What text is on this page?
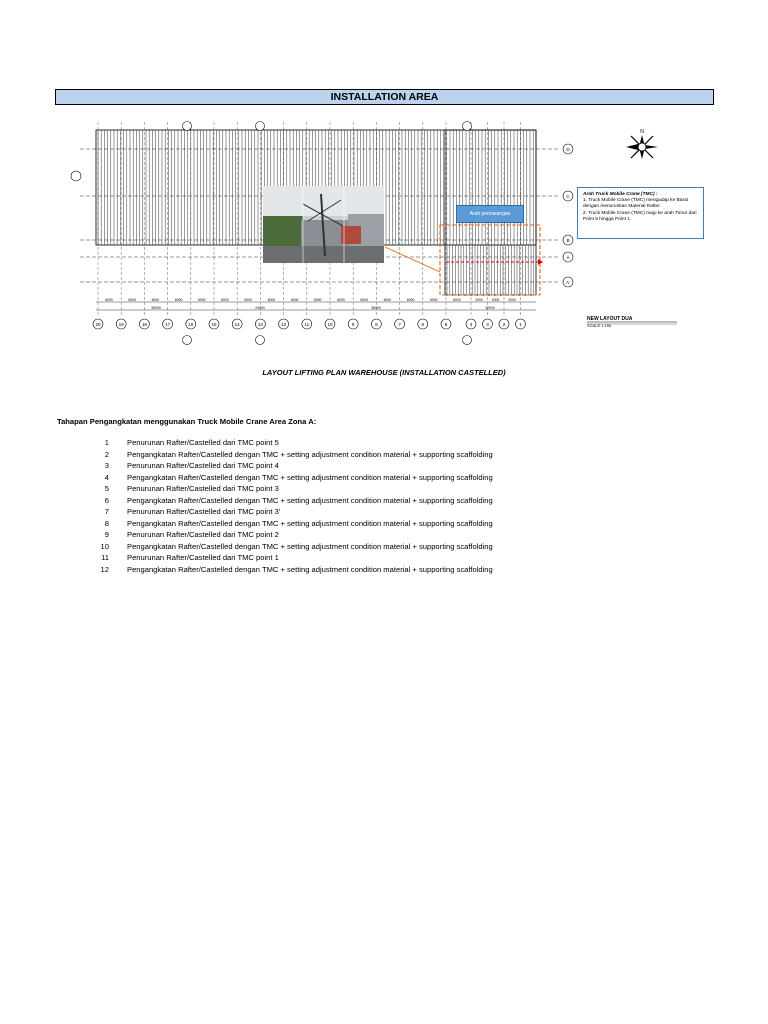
INSTALLATION AREA
20	19	18	17	16	15	14	13	12	11	10	9	8	7	6	5	4	3	2	1
D
C
B
A
A'
6000	6000	6000	6000	6000	6000	6000	6000	6000	6000	6000	6000	6000	6000	6000	6000	2000	2000	2000
30000	24000	36000	22000
Arah pemasangan
Arah Truck Mobile Crane (TMC) :
1. Truck Mobile Crane (TMC) mengadap ke Barat dengan menurunkan Material Rafter.
2. Truck Mobile Crane (TMC) maju ke arah Timur dari Point 5 hingga Point 1.
N
NEW LAYOUT DUA
SCALE 1:150
LAYOUT LIFTING PLAN WAREHOUSE (INSTALLATION CASTELLED)
Tahapan Pengangkatan menggunakan Truck Mobile Crane Area Zona A:
1 Penurunan Rafter/Castelled dari TMC point 5
2 Pengangkatan Rafter/Castelled dengan TMC + setting adjustment condition material + supporting scaffolding
3 Penurunan Rafter/Castelled dari TMC point 4
4 Pengangkatan Rafter/Castelled dengan TMC + setting adjustment condition material + supporting scaffolding
5 Penurunan Rafter/Castelled dari TMC point 3
6 Pengangkatan Rafter/Castelled dengan TMC + setting adjustment condition material + supporting scaffolding
7 Penurunan Rafter/Castelled dari TMC point 3'
8 Pengangkatan Rafter/Castelled dengan TMC + setting adjustment condition material + supporting scaffolding
9 Penurunan Rafter/Castelled dari TMC point 2
10 Pengangkatan Rafter/Castelled dengan TMC + setting adjustment condition material + supporting scaffolding
11 Penurunan Rafter/Castelled dari TMC point 1
12 Pengangkatan Rafter/Castelled dengan TMC + setting adjustment condition material + supporting scaffolding
